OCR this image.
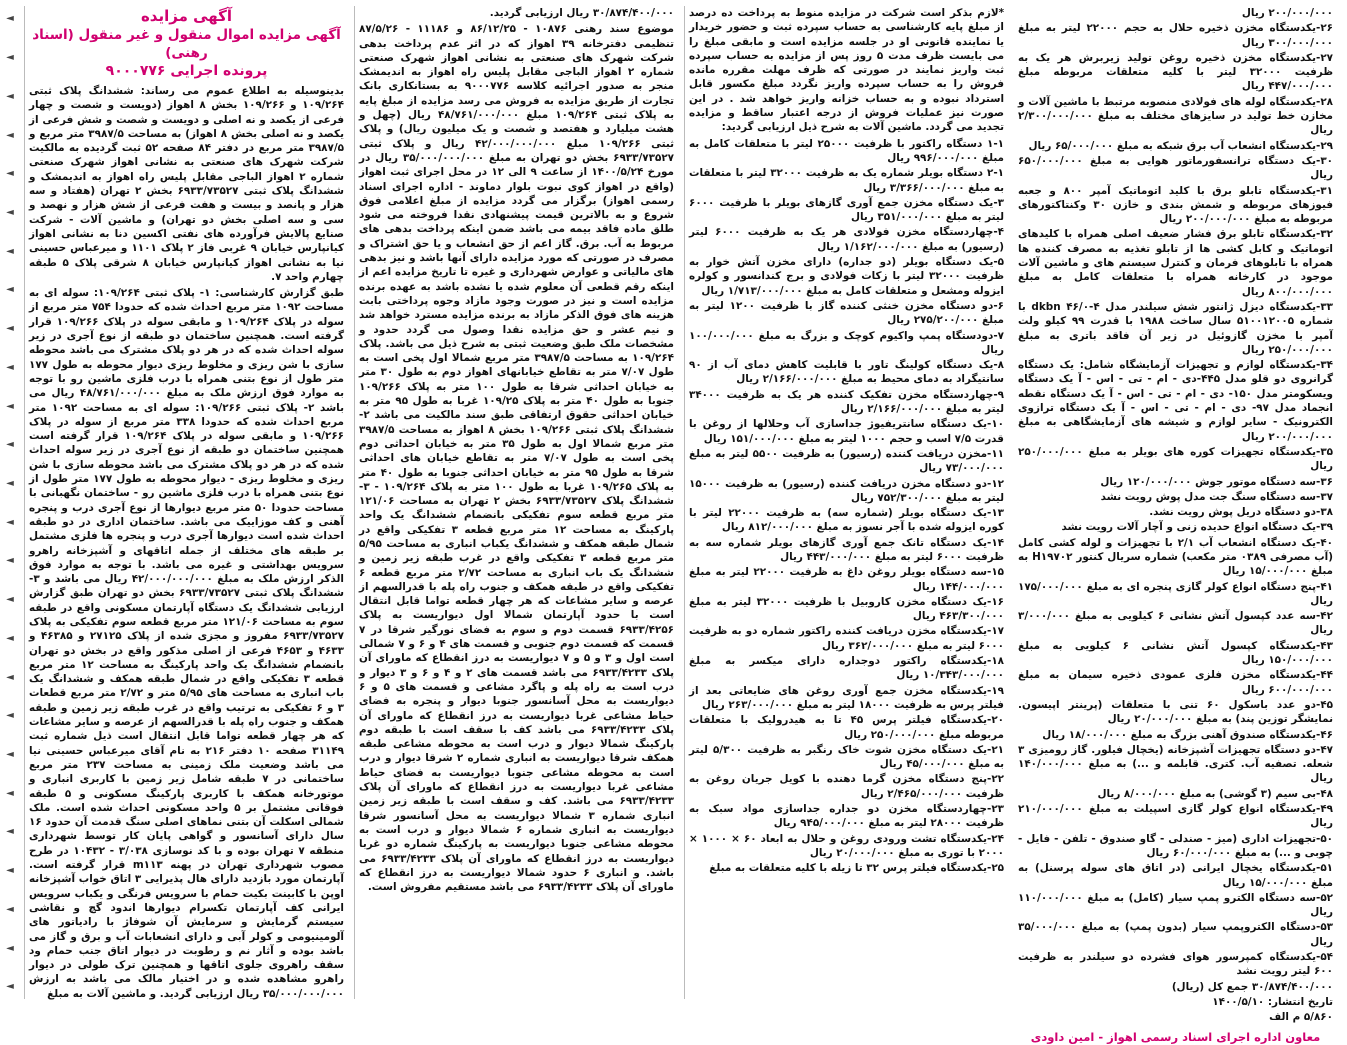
آگهی مزایده
آگهی مزایده اموال منقول و غیر منقول (اسناد رهنی)
پرونده اجرایی ۹۰۰۰۷۷۶

بدینوسیله به اطلاع عموم می رساند: ششدانگ پلاک ثبتی ۱۰۹/۲۶۴ و ۱۰۹/۲۶۶ بخش ۸ اهواز (دویست و شصت و چهار فرعی از یکصد و نه اصلی و دویست و شصت و شش فرعی از یکصد و نه اصلی بخش ۸ اهواز) به مساحت ۳۹۸۷/۵ متر مربع و ۳۹۸۷/۵ متر مربع در دفتر ۸۴ صفحه ۵۲ ثبت گردیده به مالکیت شرکت شهرک های صنعتی به نشانی اهواز شهرک صنعتی شماره ۲ اهواز الباجی مقابل پلیس راه اهواز به اندیمشک و ششدانگ پلاک ثبتی ۶۹۳۳/۷۳۵۲۷ بخش ۲ تهران (هفتاد و سه هزار و پانصد و بیست و هفت فرعی از شش هزار و نهصد و سی و سه اصلی بخش دو تهران) و ماشین آلات - شرکت صنایع پالایش فرآورده های نفتی اکسین دنا به نشانی اهواز کیانپارس خیابان ۹ غربی فاز ۲ پلاک ۱۱۰۱ و میرعباس حسینی نیا به نشانی اهواز کیانپارس خیابان ۸ شرقی پلاک ۵ طبقه چهارم واحد ۷.

طبق گزارش کارشناسی: ۱- پلاک ثبتی ۱۰۹/۲۶۴: سوله ای به مساحت ۱۰۹۲ متر مربع احداث شده که حدودا ۷۵۴ متر مربع از سوله در پلاک ۱۰۹/۲۶۴ و مابقی سوله در پلاک ۱۰۹/۲۶۶ قرار گرفته است. همچنین ساختمان دو طبقه از نوع آجری در زیر سوله احداث شده که در هر دو پلاک مشترک می باشد محوطه سازی با شن ریزی و مخلوط ریزی دیوار محوطه به طول ۱۷۷ متر طول از نوع بتنی همراه با درب فلزی ماشین رو با توجه به موارد فوق ارزش ملک به مبلغ ۴۸/۷۶۱/۰۰۰/۰۰۰ ریال می باشد ۲- پلاک ثبتی ۱۰۹/۲۶۶: سوله ای به مساحت ۱۰۹۲ متر مربع احداث شده که حدودا ۳۳۸ متر مربع از سوله در پلاک ۱۰۹/۲۶۶ و مابقی سوله در پلاک ۱۰۹/۲۶۴ قرار گرفته است همچنین ساختمان دو طبقه از نوع آجری در زیر سوله احداث شده که در هر دو پلاک مشترک می باشد محوطه سازی با شن ریزی و مخلوط ریزی - دیوار محوطه به طول ۱۷۷ متر طول از نوع بتنی همراه با درب فلزی ماشین رو - ساختمان نگهبانی با مساحت حدودا ۵۰ متر مربع دیوارها از نوع آجری درب و پنجره آهنی و کف موزاییک می باشد. ساختمان اداری در دو طبقه احداث شده است دیوارها آجری درب و پنجره ها فلزی مشتمل بر طبقه های مختلف از جمله اتاقهای و آشپزخانه راهرو سرویس بهداشتی و غیره می باشد. با توجه به موارد فوق الذکر ارزش ملک به مبلغ ۴۲/۰۰۰/۰۰۰/۰۰۰ ریال می باشد و ۳- ششدانگ پلاک ثبتی ۶۹۳۳/۷۳۵۲۷ بخش دو تهران طبق گزارش ارزیابی ششدانگ یک دستگاه آپارتمان مسکونی واقع در طبقه سوم به مساحت ۱۲۱/۰۶ متر مربع قطعه سوم تفکیکی به پلاک ۶۹۳۳/۷۳۵۲۷ مفروز و مجزی شده از پلاک ۲۷۱۲۵ و ۴۶۳۸۵ و ۴۶۳۳ و ۴۶۵۳ فرعی از اصلی مذکور واقع در بخش دو تهران بانضمام ششدانگ یک واحد پارکینگ به مساحت ۱۲ متر مربع قطعه ۳ تفکیکی واقع در شمال طبقه همکف و ششدانگ یک باب انباری به مساحت های ۵/۹۵ متر و ۲/۷۲ متر مربع قطعات ۳ و ۶ تفکیکی به ترتیب واقع در غرب طبقه زیر زمین و طبقه همکف و جنوب راه پله با قدرالسهم از عرصه و سایر مشاعات که هر چهار قطعه تواما قابل انتقال است ذیل شماره ثبت ۳۱۱۴۹ صفحه ۱۰ دفتر ۲۱۶ به نام آقای میرعباس حسینی نیا می باشد وضعیت ملک زمینی به مساحت ۲۳۷ متر مربع ساختمانی در ۷ طبقه شامل زیر زمین با کاربری انباری و موتورخانه همکف با کاربری پارکینگ مسکونی و ۵ طبقه فوقانی مشتمل بر ۵ واحد مسکونی احداث شده است. ملک شمالی اسکلت آن بتنی نماهای اصلی سنگ قدمت آن حدود ۱۶ سال دارای آسانسور و گواهی پایان کار توسط شهرداری منطقه ۷ تهران بوده و با کد نوسازی ۳/۰۳۸ - ۱۰۴۳۲ در طرح مصوب شهرداری تهران در پهنه m۱۱۳ قرار گرفته است. آپارتمان مورد بازدید دارای هال پذیرایی ۳ اتاق خواب آشپزخانه اوپن با کابینت بکیت حمام با سرویس فرنگی و یکباب سرویس ایرانی کف آپارتمان تکسرام دیوارها اندود گچ و نقاشی سیستم گرمایش و سرمایش آن شوفاژ با رادیاتور های آلومینیومی و کولر آبی و دارای انشعابات آب و برق و گاز می باشد بوده و آثار نم و رطوبت در دیوار اتاق جنب حمام ود سقف راهروی جلوی اتاقها و همچنین ترک طولی در دیوار راهرو مشاهده شده و در اختیار مالک می باشد به ارزش ۳۵/۰۰۰/۰۰۰/۰۰۰ ریال ارزیابی گردید. و ماشین آلات به مبلغ

۳۰/۸۷۴/۴۰۰/۰۰۰ ریال ارزیابی گردید.

موضوع سند رهنی ۱۰۸۷۶ - ۸۶/۱۲/۲۵ و ۱۱۱۸۶ - ۸۷/۵/۲۶ تنظیمی دفترخانه ۳۹ اهواز که در اثر عدم پرداخت بدهی شرکت شهرک های صنعتی به نشانی اهواز شهرک صنعتی شماره ۲ اهواز الباجی مقابل پلیس راه اهواز به اندیمشک منجر به صدور اجرائیه کلاسه ۹۰۰۰۷۷۶ به بستانکاری بانک تجارت از طریق مزایده به فروش می رسد مزایده از مبلغ پایه به پلاک ثبتی ۱۰۹/۲۶۴ مبلغ ۴۸/۷۶۱/۰۰۰/۰۰۰ ریال (چهل و هشت میلیارد و هفتصد و شصت و یک میلیون ریال) و پلاک ثبتی ۱۰۹/۲۶۶ مبلغ ۴۲/۰۰۰/۰۰۰/۰۰۰ ریال و پلاک ثبتی ۶۹۳۳/۷۳۵۲۷ بخش دو تهران به مبلغ ۳۵/۰۰۰/۰۰۰/۰۰۰ ریال در مورخ ۱۴۰۰/۵/۲۴ از ساعت ۹ الی ۱۲ در محل اجرای ثبت اهواز (واقع در اهواز کوی نبوت بلوار دماوند - اداره اجرای اسناد رسمی اهواز) برگزار می گردد مزایده از مبلغ اعلامی فوق شروع و به بالاترین قیمت پیشنهادی نقدا فروخته می شود طلق ماده فاقد بیمه می باشد ضمن اینکه پرداخت بدهی های مربوط به آب. برق. گاز اعم از حق انشعاب و یا حق اشتراک و مصرف در صورتی که مورد مزایده دارای آنها باشد و نیز بدهی های مالیاتی و عوارض شهرداری و غیره تا تاریخ مزایده اعم از اینکه رقم قطعی آن معلوم شده یا نشده باشد به عهده برنده مزایده است و نیز در صورت وجود مازاد وجوه پرداختی بابت هزینه های فوق الذکر مازاد به برنده مزایده مسترد خواهد شد و نیم عشر و حق مزایده نقدا وصول می گردد حدود و مشخصات ملک طبق وضعیت ثبتی به شرح ذیل می باشد. پلاک ۱۰۹/۲۶۴ به مساحت ۳۹۸۷/۵ متر مربع شمالا اول پخی است به طول ۷/۰۷ متر به تقاطع خیابانهای اهواز دوم به طول ۳۰ متر به خیابان احداثی شرقا به طول ۱۰۰ متر به پلاک ۱۰۹/۲۶۶ جنوبا به طول ۴۰ متر به پلاک ۱۰۹/۲۵ غربا به طول ۹۵ متر به خیابان احداثی حقوق ارتفاقی طبق سند مالکیت می باشد ۲- ششدانگ پلاک ثبتی ۱۰۹/۲۶۶ بخش ۸ اهواز به مساحت ۳۹۸۷/۵ متر مربع شمالا اول به طول ۳۵ متر به خیابان احداثی دوم پخی است به طول ۷/۰۷ متر به تقاطع خیابان های احداثی شرقا به طول ۹۵ متر به خیابان احداثی جنوبا به طول ۴۰ متر به پلاک ۱۰۹/۲۶۵ غربا به طول ۱۰۰ متر به پلاک ۱۰۹/۲۶۴ - ۳- ششدانگ پلاک ۶۹۳۳/۷۳۵۲۷ بخش ۲ تهران به مساحت ۱۲۱/۰۶ متر مربع قطعه سوم تفکیکی بانضمام ششدانگ یک واحد پارکینگ به مساحت ۱۲ متر مربع قطعه ۳ تفکیکی واقع در شمال طبقه همکف و ششدانگ یکباب انباری به مساحت ۵/۹۵ متر مربع قطعه ۳ تفکیکی واقع در غرب طبقه زیر زمین و ششدانگ یک باب انباری به مساحت ۲/۷۲ متر مربع قطعه ۶ تفکیکی واقع در طبقه همکف و جنوب راه پله با قدرالسهم از عرصه و سایر مشاعات که هر چهار قطعه تواما قابل انتقال است با حدود آپارتمان شمالا اول دیواریست به پلاک ۶۹۳۳/۴۲۵۶ قسمت دوم و سوم به فضای نورگیر شرقا در ۷ قسمت که قسمت دوم جنوبی و قسمت های ۴ و ۶ و ۷ شمالی است اول و ۳ و ۵ و ۷ دیواریست به درز انقطاع که ماورای آن پلاک ۶۹۳۳/۴۲۳۳ می باشد قسمت های ۲ و ۴ و ۶ و ۳ دیوار و درب است به راه پله و پاگرد مشاعی و قسمت های ۵ و ۶ دیواریست به محل آسانسور جنوبا دیوار و پنجره به فضای حیاط مشاعی غربا دیواریست به درز انقطاع که ماورای آن پلاک ۶۹۳۳/۴۲۳۳ می باشد کف با سقف است با طبقه دوم پارکینگ شمالا دیوار و درب است به محوطه مشاعی طبقه همکف شرقا دیواریست به انباری شماره ۲ شرقا دیوار و درب است به محوطه مشاعی جنوبا دیواریست به فضای حیاط مشاعی غربا دیواریست به درز انقطاع که ماورای آن پلاک ۶۹۳۳/۴۲۳۳ می باشد. کف و سقف است با طبقه زیر زمین انباری شماره ۳ شمالا دیواریست به محل آسانسور شرقا دیواریست به انباری شماره ۶ شمالا دیوار و درب است به محوطه مشاعی جنوبا دیواریست به پارکینگ شماره دو غربا دیواریست به درز انقطاع که ماورای آن پلاک ۶۹۳۳/۴۲۳۳ می باشد. و انباری ۶ حدود شمالا دیواریست به درز انقطاع که ماورای آن پلاک ۶۹۳۳/۴۲۳۳ می باشد مستقیم مفروش است.

*لازم بذکر است شرکت در مزایده منوط به پرداخت ده درصد از مبلغ پایه کارشناسی به حساب سپرده ثبت و حضور خریدار یا نماینده قانونی او در جلسه مزایده است و مابقی مبلغ را می بایست ظرف مدت ۵ روز پس از مزایده به حساب سپرده ثبت واریز نمایند در صورتی که ظرف مهلت مقرره مانده فروش را به حساب سپرده واریز نگردد مبلغ مکسور قابل استرداد نبوده و به حساب خزانه واریز خواهد شد . در این صورت نیز عملیات فروش از درجه اعتبار ساقط و مزایده تجدید می گردد. ماشین آلات به شرح ذیل ارزیابی گردید:

۱-۱ دستگاه راکتور با ظرفیت ۲۵۰۰۰ لیتر با متعلقات کامل به مبلغ ۹۹۶/۰۰۰/۰۰۰ ریال
۲-۱ دستگاه بویلر شماره یک به ظرفیت ۳۲۰۰۰ لیتر با متعلقات به مبلغ ۳/۳۶۶/۰۰۰/۰۰۰ ریال
۳-یک دستگاه مخزن جمع آوری گازهای بویلر با ظرفیت ۶۰۰۰ لیتر به مبلغ ۳۵۱/۰۰۰/۰۰۰ ریال
۴-چهاردستگاه مخزن فولادی هر یک به ظرفیت ۶۰۰۰ لیتر (رسیور) به مبلغ ۱/۱۶۲/۰۰۰/۰۰۰ ریال
۵-یک دستگاه بویلر (دو جداره) دارای مخزن آتش خوار به ظرفیت ۳۲۰۰۰ لیتر با زکات فولادی و برج کندانسور و کولره ایزوله ومشعل و متعلقات کامل به مبلغ ۱/۷۱۳/۰۰۰/۰۰۰ ریال
۶-دو دستگاه مخزن خنثی کننده گاز با ظرفیت ۱۲۰۰ لیتر به مبلغ ۲۷۵/۲۰۰/۰۰۰ ریال
۷-دودستگاه پمپ واکیوم کوچک و بزرگ به مبلغ ۱۰۰/۰۰۰/۰۰۰ ریال
۸-یک دستگاه کولینگ تاور با قابلیت کاهش دمای آب از ۹۰ سانتیگراد به دمای محیط به مبلغ ۲/۱۶۶/۰۰۰/۰۰۰ ریال
۹-چهاردستگاه مخزن تفکیک کننده هر یک به ظرفیت ۳۴۰۰۰ لیتر به مبلغ ۲/۱۶۶/۰۰۰/۰۰۰ ریال
۱۰-یک دستگاه سانتریفیوژ جداسازی آب وحلالها از روغن با قدرت ۷/۵ اسب و حجم ۱۰۰۰ لیتر به مبلغ ۱۵۱/۰۰۰/۰۰۰ ریال
۱۱-مخزن دریافت کننده (رسیور) به ظرفیت ۵۵۰۰ لیتر به مبلغ ۷۳/۰۰۰/۰۰۰ ریال
۱۲-دو دستگاه مخزن دریافت کننده (رسیور) به ظرفیت ۱۵۰۰۰ لیتر به مبلغ ۷۵۲/۳۰۰/۰۰۰ ریال
۱۳-یک دستگاه بویلر (شماره سه) به ظرفیت ۲۲۰۰۰ لیتر با کوره ایزوله شده با آجر نسوز به مبلغ ۸۱۲/۰۰۰/۰۰۰ ریال
۱۴-یک دستگاه تانک جمع آوری گازهای بویلر شماره سه به ظرفیت ۶۰۰۰ لیتر به مبلغ ۴۴۳/۰۰۰/۰۰۰ ریال
۱۵-سه دستگاه بویلر روغن داغ به ظرفیت ۲۲۰۰۰ لیتر به مبلغ ۱۴۴/۰۰۰/۰۰۰ ریال
۱۶-یک دستگاه مخزن کاروبیل با ظرفیت ۳۲۰۰۰ لیتر به مبلغ ۴۶۳/۳۰۰/۰۰۰ ریال
۱۷-یکدستگاه مخزن دریافت کننده راکتور شماره دو به ظرفیت ۶۰۰۰ لیتر به مبلغ ۳۶۲/۰۰۰/۰۰۰ ریال
۱۸-یکدستگاه راکتور دوجداره دارای میکسر به مبلغ ۱۰/۳۴۳/۰۰۰/۰۰۰ ریال
۱۹-یکدستگاه مخزن جمع آوری روغن های ضایعاتی بعد از فیلتر پرس به ظرفیت ۱۸۰۰۰ لیتر به مبلغ ۲۶۳/۰۰۰/۰۰۰ ریال
۲۰-یکدستگاه فیلتر پرس ۴۵ تا به هیدرولیک با متعلقات مربوطه مبلغ ۲۵۰/۰۰۰/۰۰۰ ریال
۲۱-یک دستگاه مخزن شوت خاک رنگبر به ظرفیت ۵/۳۰۰ لیتر به مبلغ ۴۵/۰۰۰/۰۰۰ ریال
۲۲-پنج دستگاه مخزن گرما دهنده با کویل جریان روغن به ظرفیت ۲/۴۶۵/۰۰۰/۰۰۰ ریال
۲۳-چهاردستگاه مخزن دو جداره جداسازی مواد سبک به ظرفیت ۲۸۰۰۰ لیتر به مبلغ ۹۴۵/۰۰۰/۰۰۰ ریال
۲۴-یکدستگاه تشت ورودی روغن و حلال به ابعاد ۶۰ × ۱۰۰۰ × ۲۰۰۰ با توری به مبلغ ۲۰/۰۰۰/۰۰۰ ریال
۲۵-یکدستگاه فیلتر پرس ۳۲ تا زیله با کلیه متعلقات به مبلغ
۲۰۰/۰۰۰/۰۰۰ ریال
۲۶-یکدستگاه مخزن ذخیره حلال به حجم ۲۲۰۰۰ لیتر به مبلغ ۳۰۰/۰۰۰/۰۰۰ ریال
۲۷-یکدستگاه مخزن ذخیره روغن تولید زیربرش هر یک به ظرفیت ۳۲۰۰۰ لیتر با کلیه متعلقات مربوطه مبلغ ۴۴۷/۰۰۰/۰۰۰ ریال
۲۸-یکدستگاه لوله های فولادی منصوبه مرتبط با ماشین آلات و مخازن خط تولید در سایزهای مختلف به مبلغ ۲/۳۰۰/۰۰۰/۰۰۰ ریال
۲۹-یکدستگاه انشعاب آب برق شبکه به مبلغ ۶۵/۰۰۰/۰۰۰ ریال
۳۰-یک دستگاه ترانسفورماتور هوایی به مبلغ ۶۵۰/۰۰۰/۰۰۰ ریال
۳۱-یکدستگاه تابلو برق با کلید اتوماتیک آمپر ۸۰۰ و جعبه فیوزهای مربوطه و شمش بندی و خازن ۳۰ وکنتاکتورهای مربوطه به مبلغ ۲۰۰/۰۰۰/۰۰۰ ریال
۳۲-یکدستگاه تابلو برق فشار ضعیف اصلی همراه با کلیدهای اتوماتیک و کابل کشی ها از تابلو تغذیه به مصرف کننده ها همراه با تابلوهای فرمان و کنترل سیستم های و ماشین آلات موجود در کارخانه همراه با متعلقات کامل به مبلغ ۸۰۰/۰۰۰/۰۰۰ ریال
۳۳-یکدستگاه دیزل ژانتور شش سیلندر مدل dkbn ۴۶/۰-۴ با شماره ۵۱۰۰۱۲۰۰۵ سال ساخت ۱۹۸۸ با قدرت ۹۹ کیلو ولت آمپر با مخزن گازوئیل در زیر آن فاقد باتری به مبلغ ۲۵۰/۰۰۰/۰۰۰ ریال
۳۴-یکدستگاه لوازم و تجهیزات آزمایشگاه شامل: یک دستگاه گرانروی دو قلو مدل ۴۴۵-دی - ام - تی - اس - آ یک دستگاه ویسکومتر مدل ۱۵۰- دی - ام - تی - اس - آ یک دستگاه نقطه انجماد مدل ۹۷- دی - ام - تی - اس - آ یک دستگاه ترازوی الکترونیک - سایر لوازم و شیشه های آزمایشگاهی به مبلغ ۲۰۰/۰۰۰/۰۰۰ ریال
۳۵-یکدستگاه تجهیزات کوره های بویلر به مبلغ ۲۵۰/۰۰۰/۰۰۰ ریال
۳۶-سه دستگاه موتور جوش ۱۲۰/۰۰۰/۰۰۰ ریال
۳۷-سه دستگاه سنگ جت مدل پوش رویت نشد
۳۸-دو دستگاه دریل پوش رویت نشد.
۳۹-یک دستگاه انواع حدیده زنی و آچار آلات رویت نشد
۴۰-یک دستگاه انشعاب آب ۲/۱ با تجهیزات و لوله کشی کامل (آب مصرفی ۰۳۸۹ متر مکعب) شماره سریال کنتور H۱۹۷۰۲ به مبلغ ۱۵/۰۰۰/۰۰۰ ریال
۴۱-پنج دستگاه انواع کولر گازی پنجره ای به مبلغ ۱۷۵/۰۰۰/۰۰۰ ریال
۴۲-سه عدد کپسول آتش نشانی ۶ کیلویی به مبلغ ۳/۰۰۰/۰۰۰ ریال
۴۳-یکدستگاه کپسول آتش نشانی ۶ کیلویی به مبلغ ۱۵۰/۰۰۰/۰۰۰ ریال
۴۴-یکدستگاه مخزن فلزی عمودی ذخیره سیمان به مبلغ ۶۰۰/۰۰۰/۰۰۰ ریال
۴۵-دو عدد باسکول ۶۰ تنی با متعلقات (پرینتر اپیسون. نمایشگر توزین پند) به مبلغ ۲۰/۰۰۰/۰۰۰ ریال
۴۶-یکدستگاه صندوق آهنی بزرگ به مبلغ ۱۸/۰۰۰/۰۰۰ ریال
۴۷-دو دستگاه تجهیزات آشپزخانه (یخچال فیلور. گاز رومیزی ۳ شعله. تصفیه آب. کتری. قابلمه و ...) به مبلغ ۱۴۰/۰۰۰/۰۰۰ ریال
۴۸-بی سیم (۳ گوشی) به مبلغ ۸/۰۰۰/۰۰۰ ریال
۴۹-یکدستگاه انواع کولر گازی اسپیلت به مبلغ ۲۱۰/۰۰۰/۰۰۰ ریال
۵۰-تجهیزات اداری (میز - صندلی - گاو صندوق - تلفن - فایل - چوبی و ...) به مبلغ ۶۰/۰۰۰/۰۰۰ ریال
۵۱-یکدستگاه یخچال ایرانی (در اتاق های سوله پرسنل) به مبلغ ۱۵/۰۰۰/۰۰۰ ریال
۵۲-سه دستگاه الکترو پمپ سیار (کامل) به مبلغ ۱۱۰/۰۰۰/۰۰۰ ریال
۵۳-دستگاه الکتروپمپ سیار (بدون پمپ) به مبلغ ۳۵/۰۰۰/۰۰۰ ریال
۵۴-یکدستگاه کمپرسور هوای فشرده دو سیلندر به ظرفیت ۶۰۰ لیتر رویت نشد
۳۰/۸۷۴/۴۰۰/۰۰۰ جمع کل (ریال)
تاریخ انتشار: ۱۴۰۰/۵/۱۰
۵/۸۶۰ م الف
معاون اداره اجرای اسناد رسمی اهواز - امین داودی
◄
◄
◄
◄
◄
◄
◄
◄
◄
◄
◄
◄
◄
◄
◄
◄
◄
◄
◄
◄
◄
◄
◄
◄
◄
◄
